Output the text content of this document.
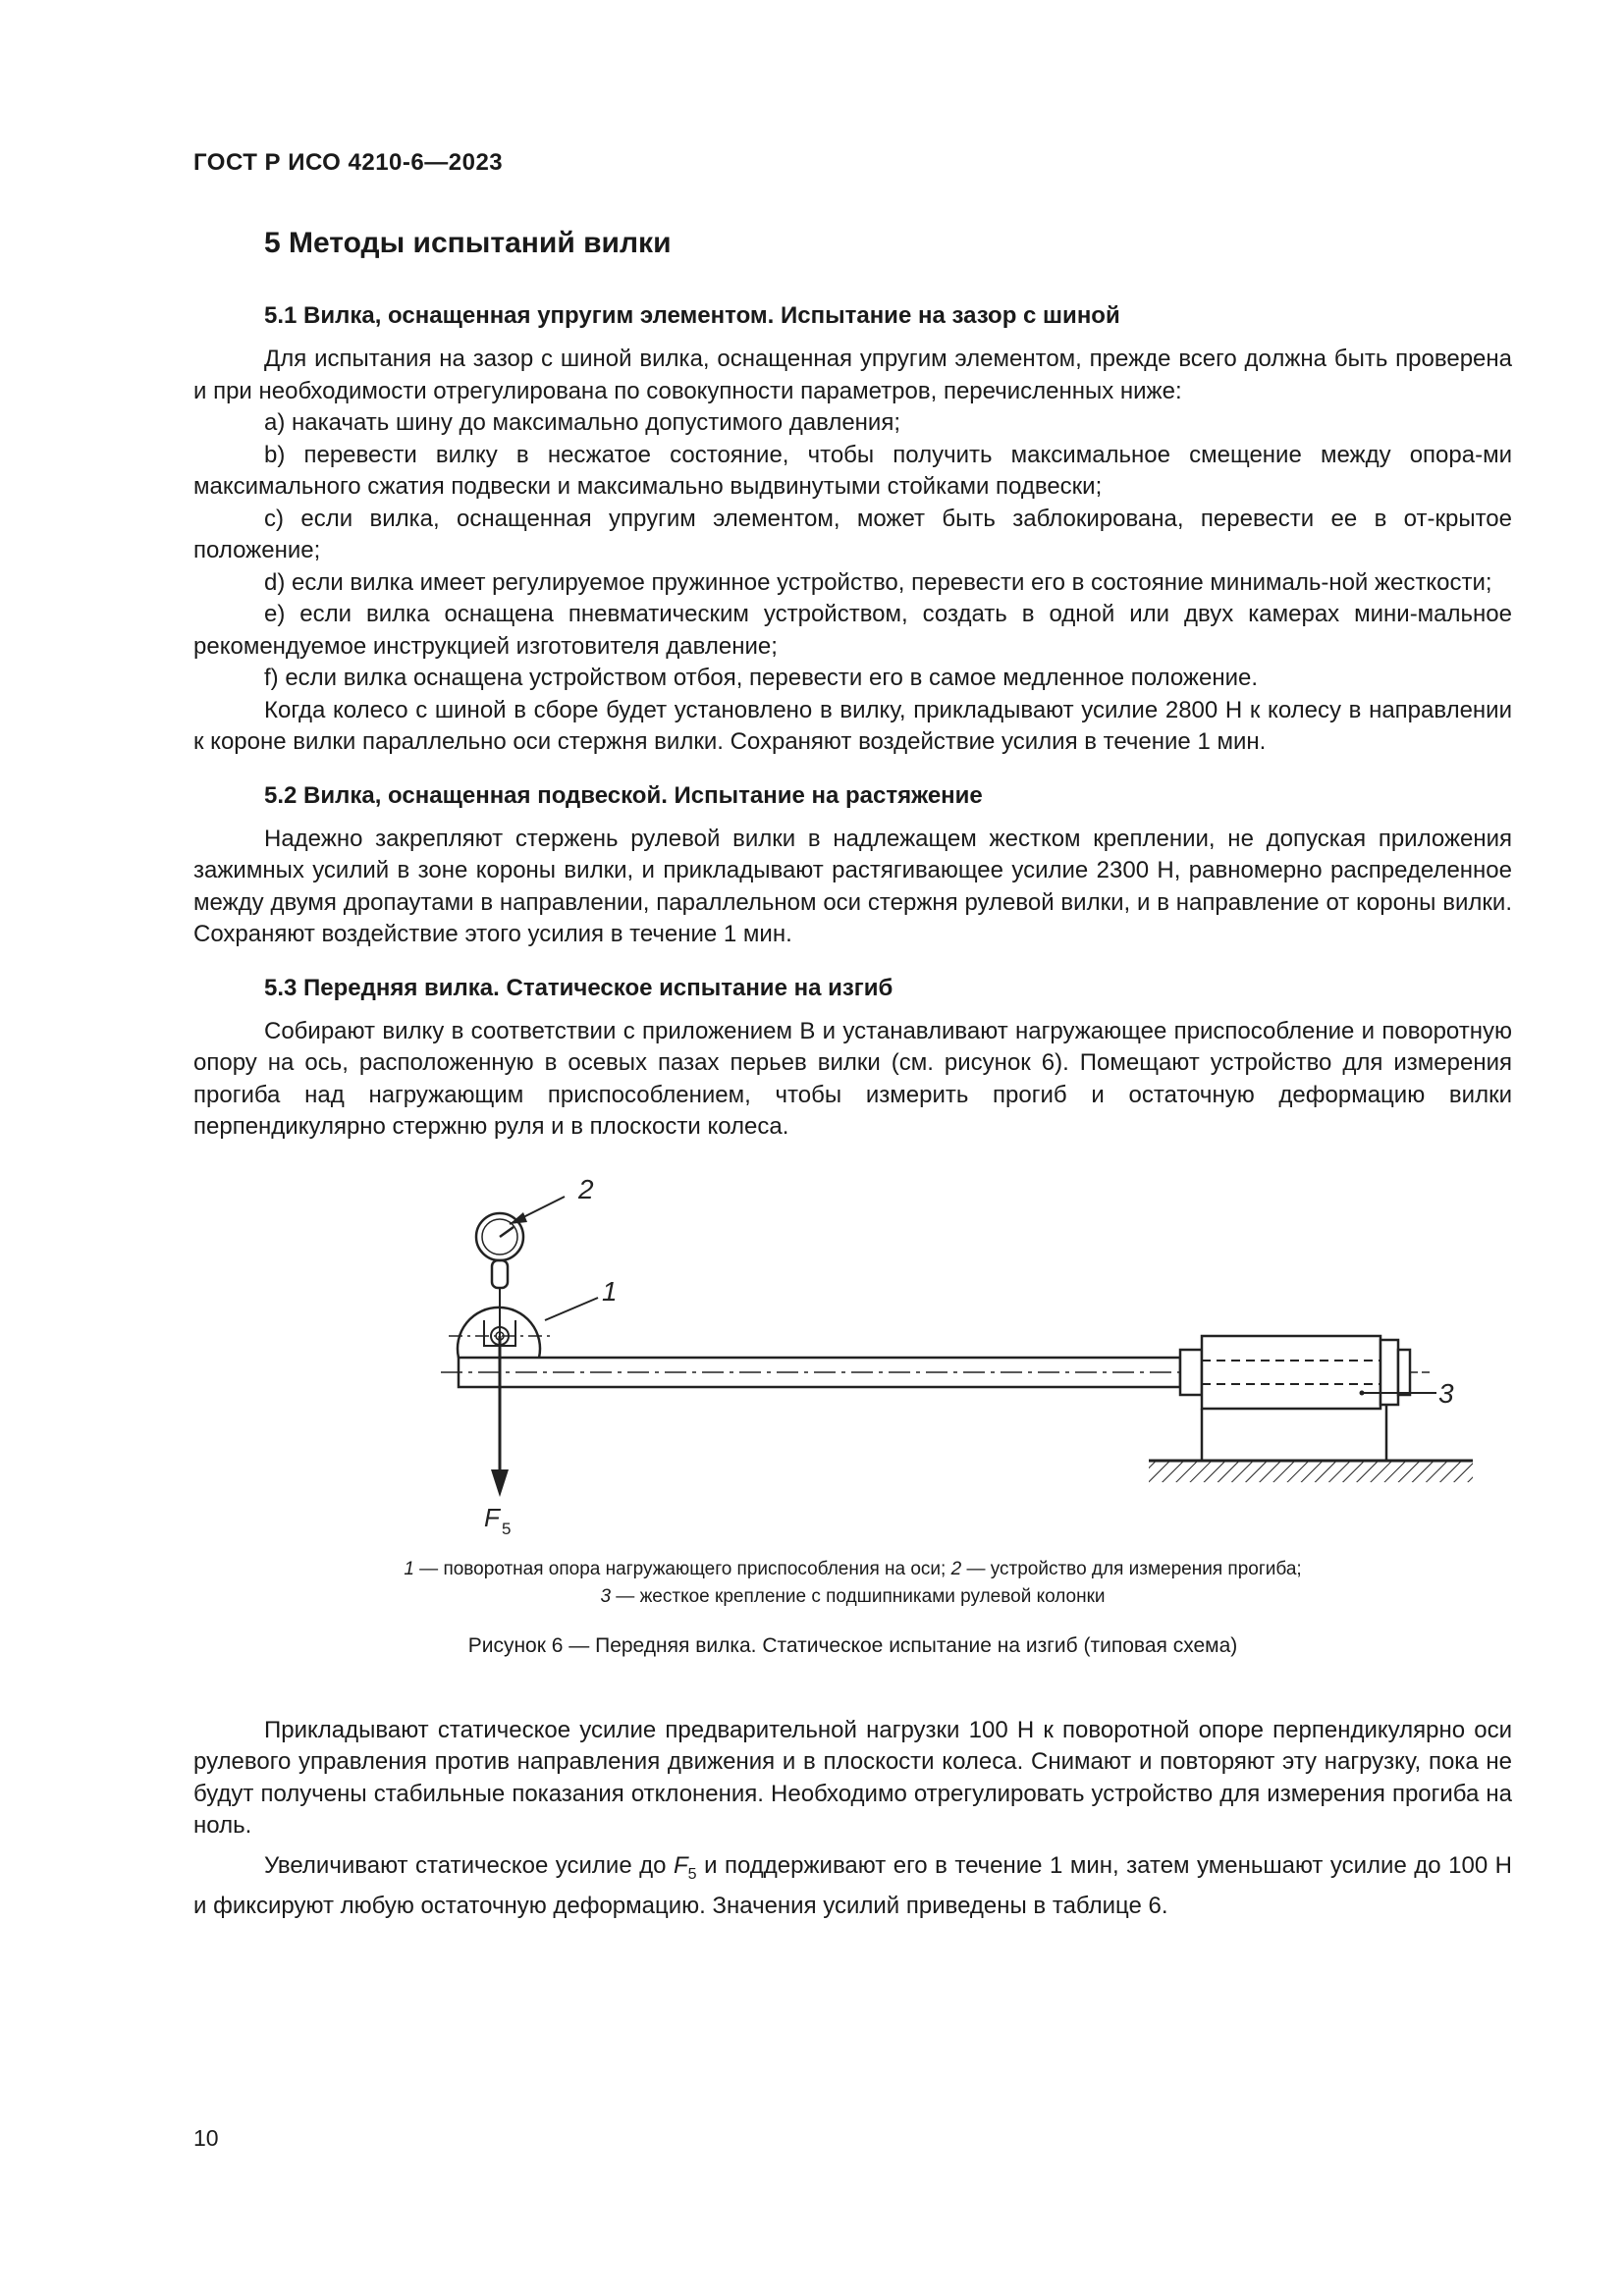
ГОСТ Р ИСО 4210-6—2023
5 Методы испытаний вилки
5.1 Вилка, оснащенная упругим элементом. Испытание на зазор с шиной

Для испытания на зазор с шиной вилка, оснащенная упругим элементом, прежде всего должна быть проверена и при необходимости отрегулирована по совокупности параметров, перечисленных ниже:

a) накачать шину до максимально допустимого давления;

b) перевести вилку в несжатое состояние, чтобы получить максимальное смещение между опора-ми максимального сжатия подвески и максимально выдвинутыми стойками подвески;

c) если вилка, оснащенная упругим элементом, может быть заблокирована, перевести ее в от-крытое положение;

d) если вилка имеет регулируемое пружинное устройство, перевести его в состояние минималь-ной жесткости;

e) если вилка оснащена пневматическим устройством, создать в одной или двух камерах мини-мальное рекомендуемое инструкцией изготовителя давление;

f) если вилка оснащена устройством отбоя, перевести его в самое медленное положение.

Когда колесо с шиной в сборе будет установлено в вилку, прикладывают усилие 2800 Н к колесу в направлении к короне вилки параллельно оси стержня вилки. Сохраняют воздействие усилия в течение 1 мин.

5.2 Вилка, оснащенная подвеской. Испытание на растяжение

Надежно закрепляют стержень рулевой вилки в надлежащем жестком креплении, не допуская приложения зажимных усилий в зоне короны вилки, и прикладывают растягивающее усилие 2300 Н, равномерно распределенное между двумя дропаутами в направлении, параллельном оси стержня рулевой вилки, и в направление от короны вилки. Сохраняют воздействие этого усилия в течение 1 мин.

5.3 Передняя вилка. Статическое испытание на изгиб

Собирают вилку в соответствии с приложением В и устанавливают нагружающее приспособление и поворотную опору на ось, расположенную в осевых пазах перьев вилки (см. рисунок 6). Помещают устройство для измерения прогиба над нагружающим приспособлением, чтобы измерить прогиб и остаточную деформацию вилки перпендикулярно стержню руля и в плоскости колеса.

2
1
3
F 5
1 — поворотная опора нагружающего приспособления на оси; 2 — устройство для измерения прогиба;
3 — жесткое крепление с подшипниками рулевой колонки
Рисунок 6 — Передняя вилка. Статическое испытание на изгиб (типовая схема)

Прикладывают статическое усилие предварительной нагрузки 100 Н к поворотной опоре перпендикулярно оси рулевого управления против направления движения и в плоскости колеса. Снимают и повторяют эту нагрузку, пока не будут получены стабильные показания отклонения. Необходимо отрегулировать устройство для измерения прогиба на ноль.

Увеличивают статическое усилие до $F_5$ и поддерживают его в течение 1 мин, затем уменьшают усилие до 100 Н и фиксируют любую остаточную деформацию. Значения усилий приведены в таблице 6.

10
